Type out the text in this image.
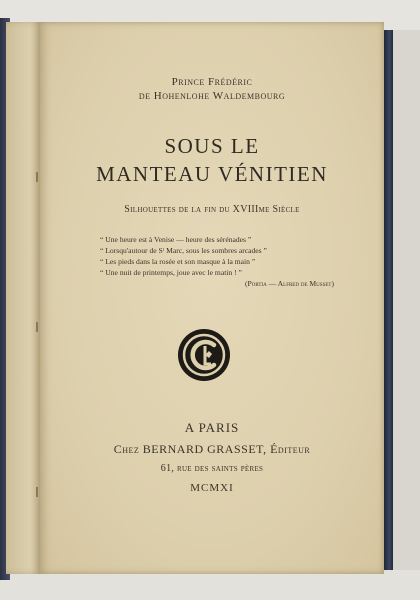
Prince Frédéric

de Hohenlohe Waldembourg

SOUS LE

MANTEAU VÉNITIEN

Silhouettes de la fin du XVIIIme Siècle

“ Une heure est à Venise — heure des sérénades ”
“ Lorsqu'autour de Sᵗ Marc, sous les sombres arcades ”
“ Les pieds dans la rosée et son masque à la main ”
“ Une nuit de printemps, joue avec le matin ! ”
(Portia — Alfred de Musset)

A PARIS

Chez BERNARD GRASSET, Éditeur

61, rue des saints pères

MCMXI
